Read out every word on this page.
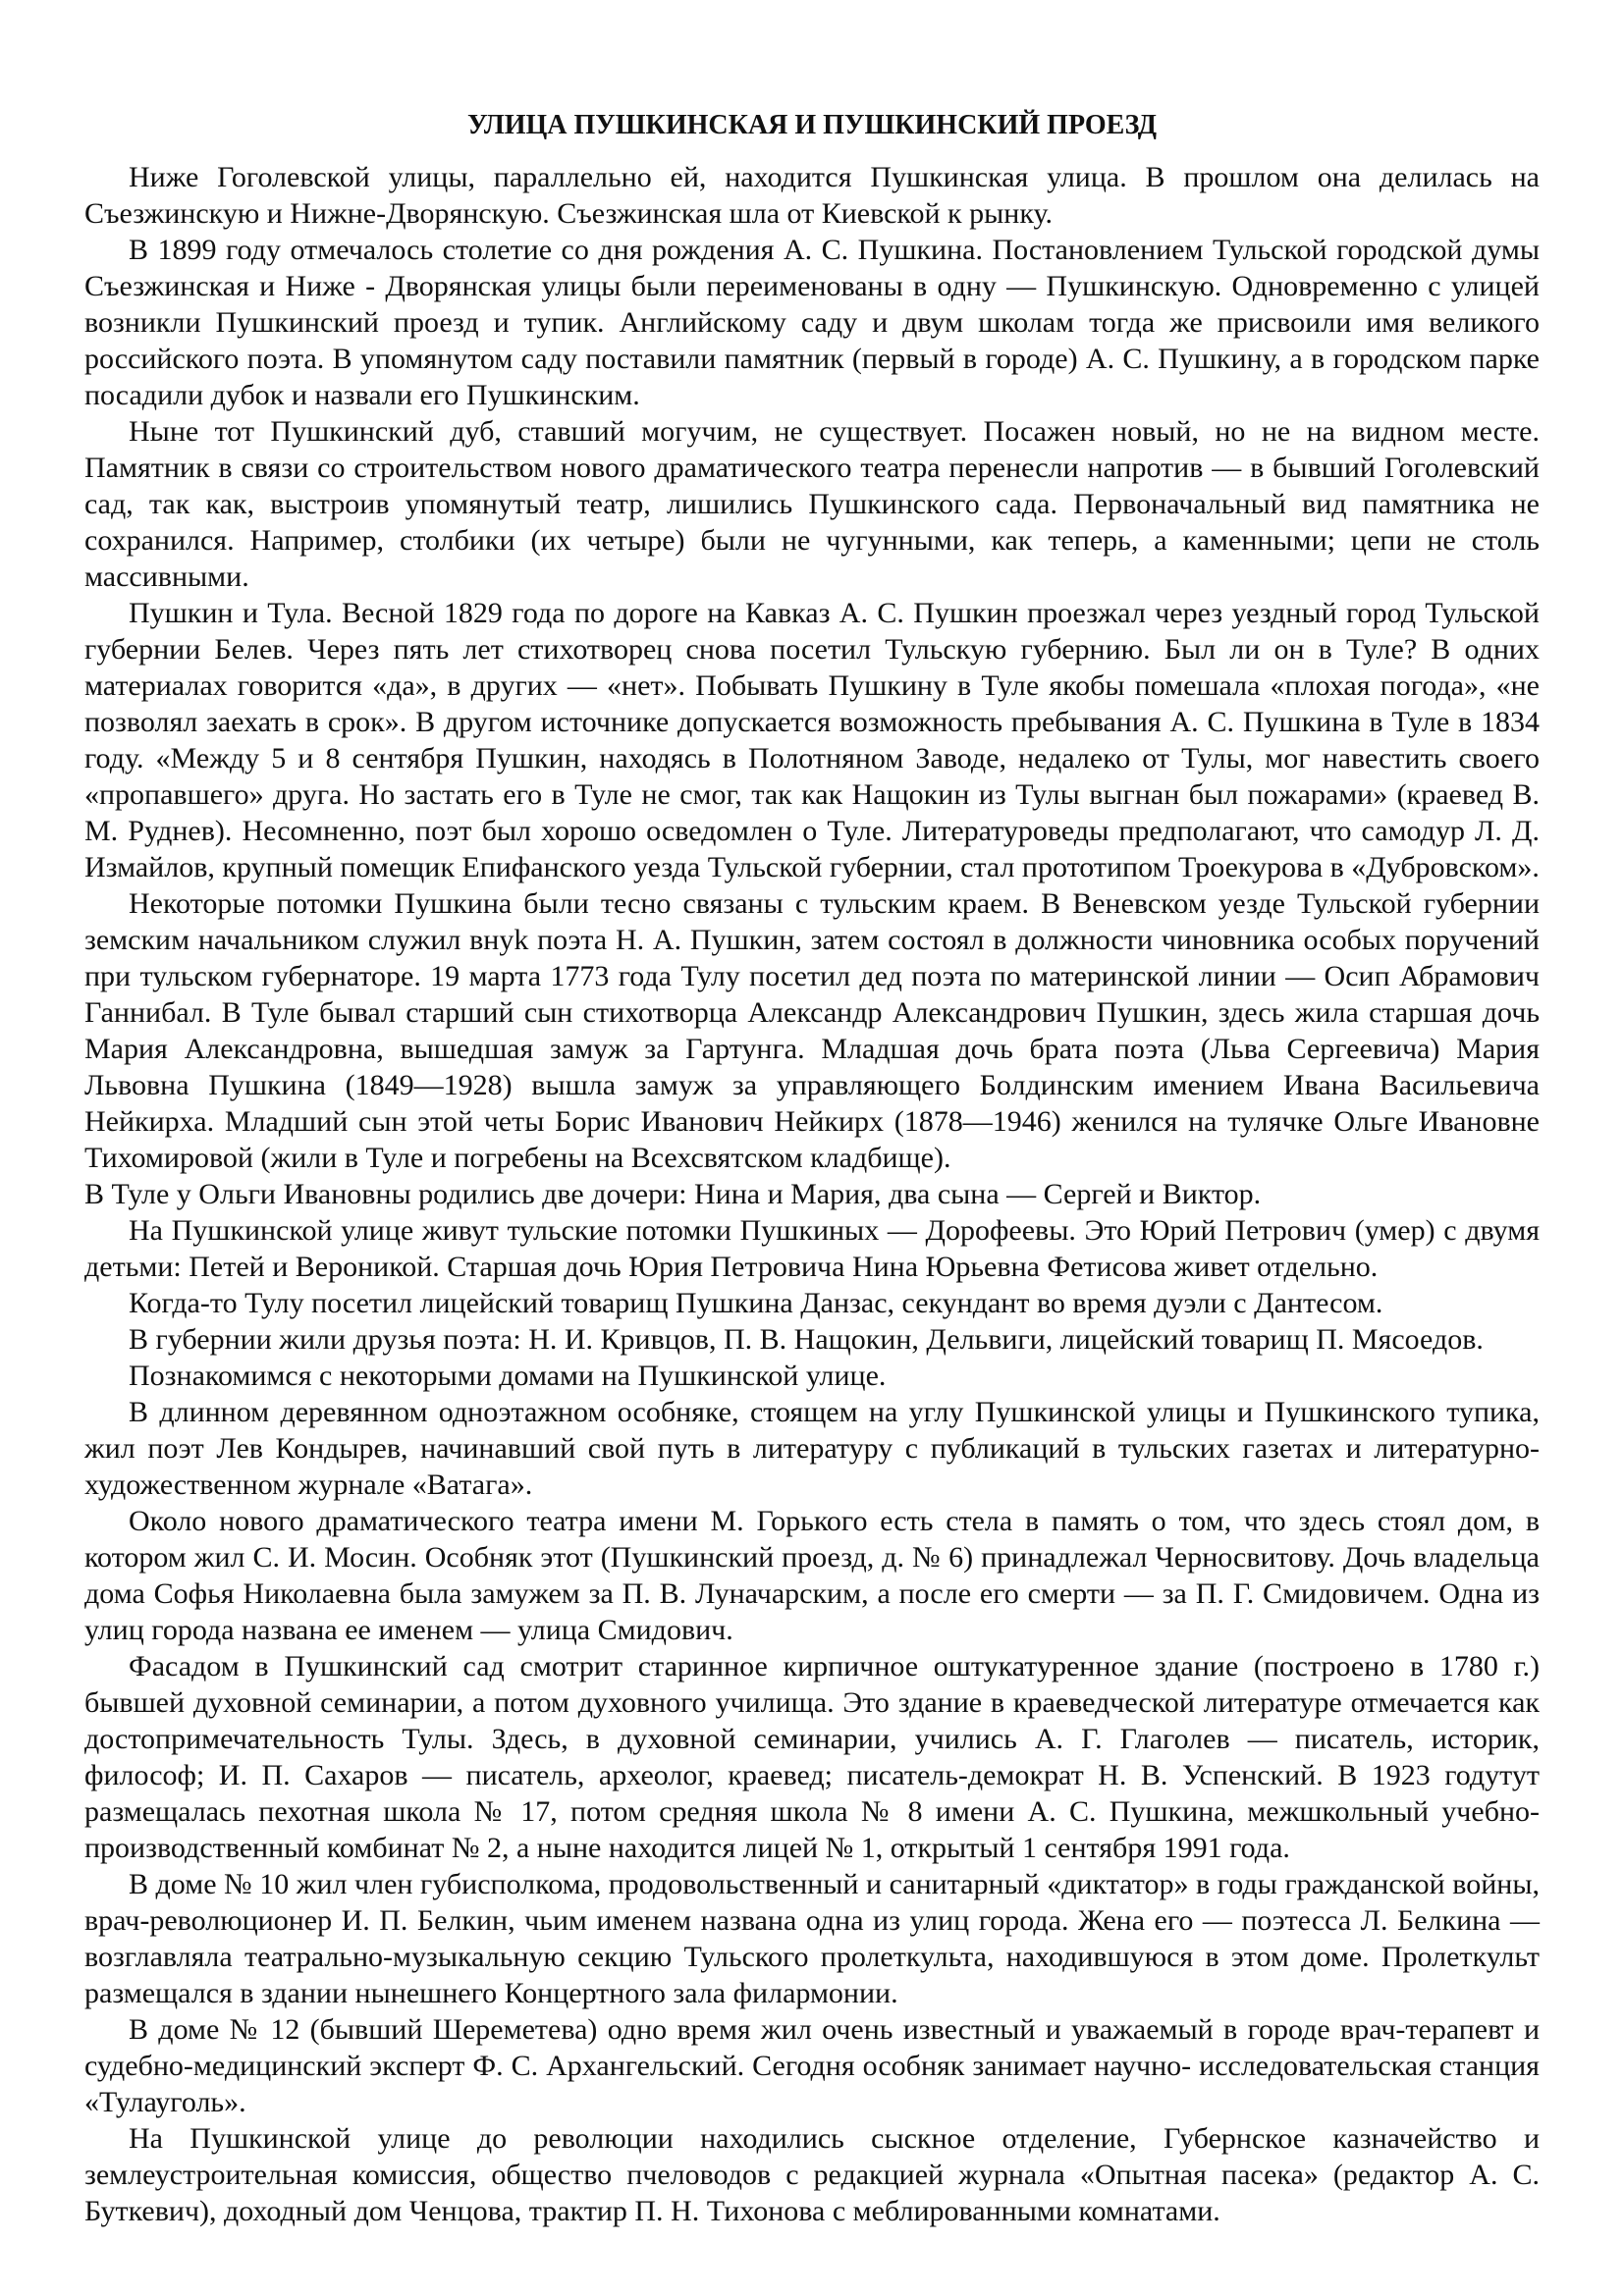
УЛИЦА ПУШКИНСКАЯ И ПУШКИНСКИЙ ПРОЕЗД

Ниже Гоголевской улицы, параллельно ей, находится Пушкинская улица. В прошлом она делилась на Съезжинскую и Нижне-Дворянскую. Съезжинская шла от Киевской к рынку.

В 1899 году отмечалось столетие со дня рождения А. С. Пушкина. Постановлением Тульской городской думы Съезжинская и Ниже - Дворянская улицы были переименованы в одну — Пушкинскую. Одновременно с улицей возникли Пушкинский проезд и тупик. Английскому саду и двум школам тогда же присвоили имя великого российского поэта. В упомянутом саду поставили памятник (первый в городе) А. С. Пушкину, а в городском парке посадили дубок и назвали его Пушкинским.

Ныне тот Пушкинский дуб, ставший могучим, не существует. Посажен новый, но не на видном месте. Памятник в связи со строительством нового драматического театра перенесли напротив — в бывший Гоголевский сад, так как, выстроив упомянутый театр, лишились Пушкинского сада. Первоначальный вид памятника не сохранился. Например, столбики (их четыре) были не чугунными, как теперь, а каменными; цепи не столь массивными.

Пушкин и Тула. Весной 1829 года по дороге на Кавказ А. С. Пушкин проезжал через уездный город Тульской губернии Белев. Через пять лет стихотворец снова посетил Тульскую губернию. Был ли он в Туле? В одних материалах говорится «да», в других — «нет». Побывать Пушкину в Туле якобы помешала «плохая погода», «не позволял заехать в срок». В другом источнике допускается возможность пребывания А. С. Пушкина в Туле в 1834 году. «Между 5 и 8 сентября Пушкин, находясь в Полотняном Заводе, недалеко от Тулы, мог навестить своего «пропавшего» друга. Но застать его в Туле не смог, так как Нащокин из Тулы выгнан был пожарами» (краевед В. М. Руднев). Несомненно, поэт был хорошо осведомлен о Туле. Литературоведы предполагают, что самодур Л. Д. Измайлов, крупный помещик Епифанского уезда Тульской губернии, стал прототипом Троекурова в «Дубровском».

Некоторые потомки Пушкина были тесно связаны с тульским краем. В Веневском уезде Тульской губернии земским начальником служил внуk поэта Н. А. Пушкин, затем состоял в должности чиновника особых поручений при тульском губернаторе. 19 марта 1773 года Тулу посетил дед поэта по материнской линии — Осип Абрамович Ганнибал. В Туле бывал старший сын стихотворца Александр Александрович Пушкин, здесь жила старшая дочь Мария Александровна, вышедшая замуж за Гартунга. Младшая дочь брата поэта (Льва Сергеевича) Мария Львовна Пушкина (1849—1928) вышла замуж за управляющего Болдинским имением Ивана Васильевича Нейкирха. Младший сын этой четы Борис Иванович Нейкирх (1878—1946) женился на тулячке Ольге Ивановне Тихомировой (жили в Туле и погребены на Всехсвятском кладбище).

В Туле у Ольги Ивановны родились две дочери: Нина и Мария, два сына — Сергей и Виктор.

На Пушкинской улице живут тульские потомки Пушкиных — Дорофеевы. Это Юрий Петрович (умер) с двумя детьми: Петей и Вероникой. Старшая дочь Юрия Петровича Нина Юрьевна Фетисова живет отдельно.

Когда-то Тулу посетил лицейский товарищ Пушкина Данзас, секундант во время дуэли с Дантесом.

В губернии жили друзья поэта: Н. И. Кривцов, П. В. Нащокин, Дельвиги, лицейский товарищ П. Мясоедов.

Познакомимся с некоторыми домами на Пушкинской улице.

В длинном деревянном одноэтажном особняке, стоящем на углу Пушкинской улицы и Пушкинского тупика, жил поэт Лев Кондырев, начинавший свой путь в литературу с публикаций в тульских газетах и литературно-художественном журнале «Ватага».

Около нового драматического театра имени М. Горького есть стела в память о том, что здесь стоял дом, в котором жил С. И. Мосин. Особняк этот (Пушкинский проезд, д. № 6) принадлежал Черносвитову. Дочь владельца дома Софья Николаевна была замужем за П. В. Луначарским, а после его смерти — за П. Г. Смидовичем. Одна из улиц города названа ее именем — улица Смидович.

Фасадом в Пушкинский сад смотрит старинное кирпичное оштукатуренное здание (построено в 1780 г.) бывшей духовной семинарии, а потом духовного училища. Это здание в краеведческой литературе отмечается как достопримечательность Тулы. Здесь, в духовной семинарии, учились А. Г. Глаголев — писатель, историк, философ; И. П. Сахаров — писатель, археолог, краевед; писатель-демократ Н. В. Успенский. В 1923 годутут размещалась пехотная школа № 17, потом средняя школа № 8 имени А. С. Пушкина, межшкольный учебно-производственный комбинат № 2, а ныне находится лицей № 1, открытый 1 сентября 1991 года.

В доме № 10 жил член губисполкома, продовольственный и санитарный «диктатор» в годы гражданской войны, врач-революционер И. П. Белкин, чьим именем названа одна из улиц города. Жена его — поэтесса Л. Белкина — возглавляла театрально-музыкальную секцию Тульского пролеткульта, находившуюся в этом доме. Пролеткульт размещался в здании нынешнего Концертного зала филармонии.

В доме № 12 (бывший Шереметева) одно время жил очень известный и уважаемый в городе врач-терапевт и судебно-медицинский эксперт Ф. С. Архангельский. Сегодня особняк занимает научно- исследовательская станция «Тулауголь».

На Пушкинской улице до революции находились сыскное отделение, Губернское казначейство и землеустроительная комиссия, общество пчеловодов с редакцией журнала «Опытная пасека» (редактор А. С. Буткевич), доходный дом Ченцова, трактир П. Н. Тихонова с меблированными комнатами.
